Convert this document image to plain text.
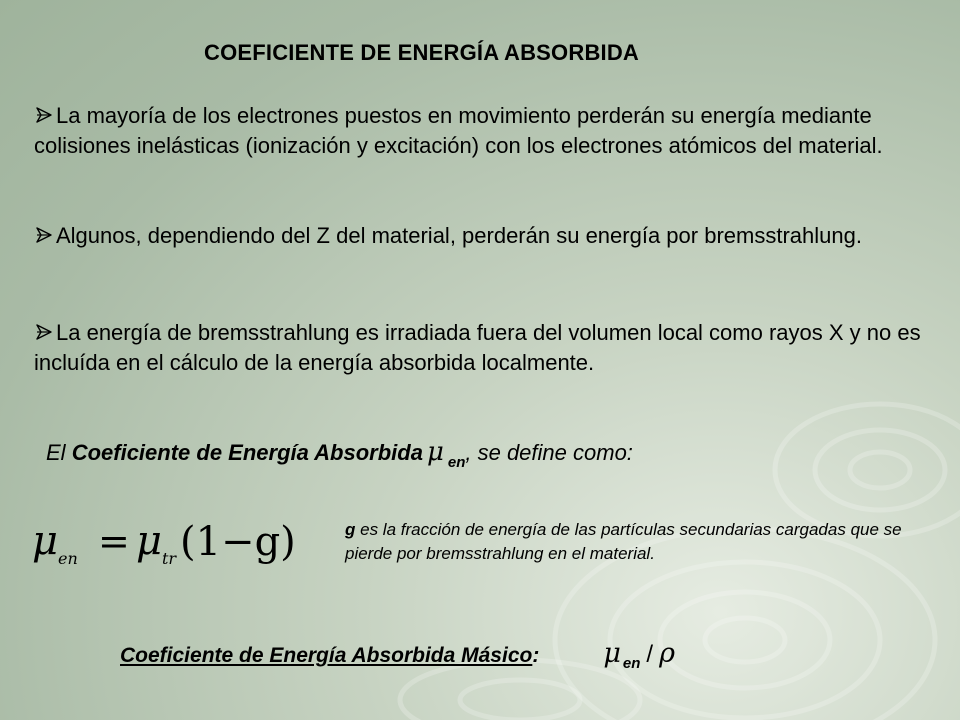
COEFICIENTE DE ENERGÍA ABSORBIDA

La mayoría de los electrones puestos en movimiento perderán su energía mediante colisiones inelásticas (ionización y excitación) con los electrones atómicos del material.

Algunos, dependiendo del Z del material, perderán su energía por bremsstrahlung.

La energía de bremsstrahlung es irradiada fuera del volumen local como rayos X y no es incluída en el cálculo de la energía absorbida localmente.

El Coeficiente de Energía Absorbida μ $_{en}$, se define como:

μ en = μ tr (1−g)	g es la fracción de energía de las partículas secundarias cargadas que se pierde por bremsstrahlung en el material.

Coeficiente de Energía Absorbida Másico: μ $_{en}$ / ρ
